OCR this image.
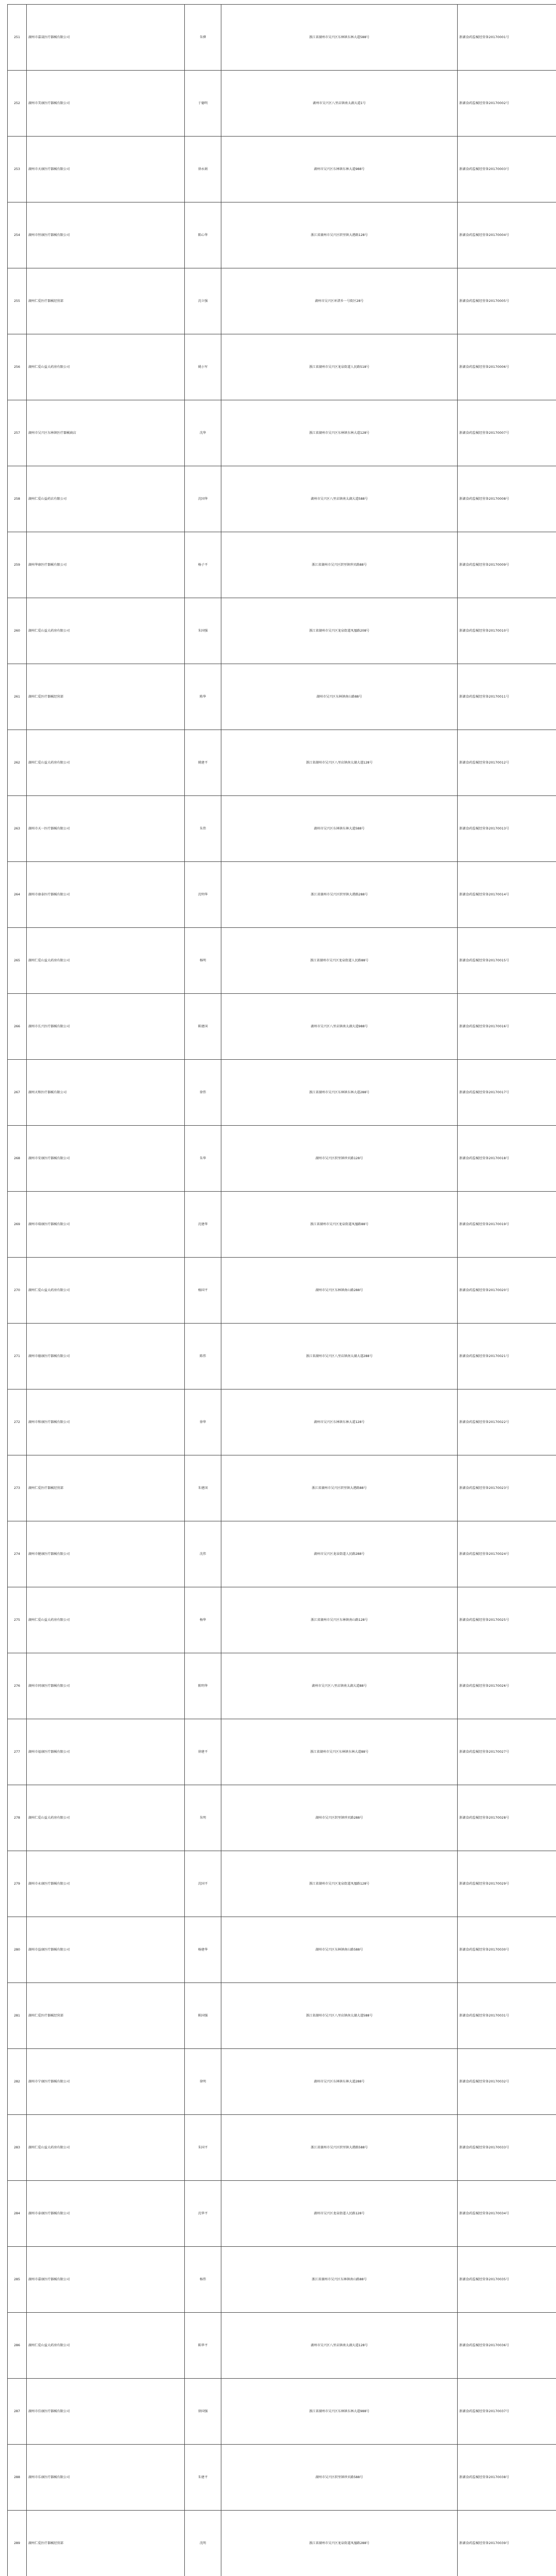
251	湖州市嘉晟医疗器械有限公司	朱骅	浙江省湖州市吴兴区东林镇东林大道588号	浙湖食药监械经营备20170001号
252	湖州市美康医疗器械有限公司	于德明	湖州市吴兴区八里店镇南太湖大道1号	浙湖食药监械经营备20170002号
253	湖州市天康医疗器械有限公司	徐永娟	湖州市吴兴区东林镇东林大道988号	浙湖食药监械经营备20170003号
254	湖州市恒康医疗器械有限公司	陈心华	浙江省湖州市吴兴区织里镇大港路128号	浙湖食药监械经营备20170004号
255	湖州仁爱医疗器械经营部	沈立强	湖州市吴兴区环渚乡一号街区28号	浙湖食药监械经营备20170005号
256	湖州仁爱山益大药房有限公司	姚小军	浙江省湖州市吴兴区龙泉街道人民路518号	浙湖食药监械经营备20170006号
257	湖州市吴兴区东林镇医疗器械商店	沈华	浙江省湖州市吴兴区东林镇东林大道128号	浙湖食药监械经营备20170007号
258	湖州仁爱山益药店有限公司	沈国华	湖州市吴兴区八里店镇南太湖大道588号	浙湖食药监械经营备20170008号
259	湖州华康医疗器械有限公司	杨子平	浙江省湖州市吴兴区织里镇珍贝路88号	浙湖食药监械经营备20170009号
260	湖州仁爱山益大药房有限公司	朱国强	浙江省湖州市吴兴区龙泉街道凤凰路208号	浙湖食药监械经营备20170010号
261	湖州仁爱医疗器械经营部	陈华	湖州市吴兴区东林镇南山路88号	浙湖食药监械经营备20170011号
262	湖州仁爱山益大药房有限公司	姚建平	浙江省湖州市吴兴区八里店镇南太湖大道128号	浙湖食药监械经营备20170012号
263	湖州市天一医疗器械有限公司	朱伟	湖州市吴兴区东林镇东林大道588号	浙湖食药监械经营备20170013号
264	湖州市康泰医疗器械有限公司	沈明华	浙江省湖州市吴兴区织里镇大港路288号	浙湖食药监械经营备20170014号
265	湖州仁爱山益大药房有限公司	杨明	浙江省湖州市吴兴区龙泉街道人民路88号	浙湖食药监械经营备20170015号
266	湖州市长兴医疗器械有限公司	陈建国	湖州市吴兴区八里店镇南太湖大道988号	浙湖食药监械经营备20170016号
267	湖州天和医疗器械有限公司	徐伟	浙江省湖州市吴兴区东林镇东林大道288号	浙湖食药监械经营备20170017号
268	湖州市安康医疗器械有限公司	朱华	湖州市吴兴区织里镇珍贝路128号	浙湖食药监械经营备20170018号
269	湖州市瑞康医疗器械有限公司	沈建华	浙江省湖州市吴兴区龙泉街道凤凰路88号	浙湖食药监械经营备20170019号
270	湖州仁爱山益大药房有限公司	杨国平	湖州市吴兴区东林镇南山路288号	浙湖食药监械经营备20170020号
271	湖州市德康医疗器械有限公司	陈伟	浙江省湖州市吴兴区八里店镇南太湖大道288号	浙湖食药监械经营备20170021号
272	湖州市和康医疗器械有限公司	徐华	湖州市吴兴区东林镇东林大道128号	浙湖食药监械经营备20170022号
273	湖州仁爱医疗器械经营部	朱建国	浙江省湖州市吴兴区织里镇大港路88号	浙湖食药监械经营备20170023号
274	湖州市健康医疗器械有限公司	沈伟	湖州市吴兴区龙泉街道人民路288号	浙湖食药监械经营备20170024号
275	湖州仁爱山益大药房有限公司	杨华	浙江省湖州市吴兴区东林镇南山路128号	浙湖食药监械经营备20170025号
276	湖州市同康医疗器械有限公司	陈明华	湖州市吴兴区八里店镇南太湖大道88号	浙湖食药监械经营备20170026号
277	湖州市福康医疗器械有限公司	徐建平	浙江省湖州市吴兴区东林镇东林大道88号	浙湖食药监械经营备20170027号
278	湖州仁爱山益大药房有限公司	朱明	湖州市吴兴区织里镇珍贝路288号	浙湖食药监械经营备20170028号
279	湖州市永康医疗器械有限公司	沈国平	浙江省湖州市吴兴区龙泉街道凤凰路128号	浙湖食药监械经营备20170029号
280	湖州市益康医疗器械有限公司	杨建华	湖州市吴兴区东林镇南山路588号	浙湖食药监械经营备20170030号
281	湖州仁爱医疗器械经营部	陈国强	浙江省湖州市吴兴区八里店镇南太湖大道588号	浙湖食药监械经营备20170031号
282	湖州市宁康医疗器械有限公司	徐明	湖州市吴兴区东林镇东林大道288号	浙湖食药监械经营备20170032号
283	湖州仁爱山益大药房有限公司	朱国平	浙江省湖州市吴兴区织里镇大港路588号	浙湖食药监械经营备20170033号
284	湖州市泰康医疗器械有限公司	沈华平	湖州市吴兴区龙泉街道人民路128号	浙湖食药监械经营备20170034号
285	湖州市嘉康医疗器械有限公司	杨伟	浙江省湖州市吴兴区东林镇南山路88号	浙湖食药监械经营备20170035号
286	湖州仁爱山益大药房有限公司	陈华平	湖州市吴兴区八里店镇南太湖大道128号	浙湖食药监械经营备20170036号
287	湖州市佳康医疗器械有限公司	徐国强	浙江省湖州市吴兴区东林镇东林大道988号	浙湖食药监械经营备20170037号
288	湖州市乐康医疗器械有限公司	朱建平	湖州市吴兴区织里镇珍贝路588号	浙湖食药监械经营备20170038号
289	湖州仁爱医疗器械经营部	沈明	浙江省湖州市吴兴区龙泉街道凤凰路288号	浙湖食药监械经营备20170039号
